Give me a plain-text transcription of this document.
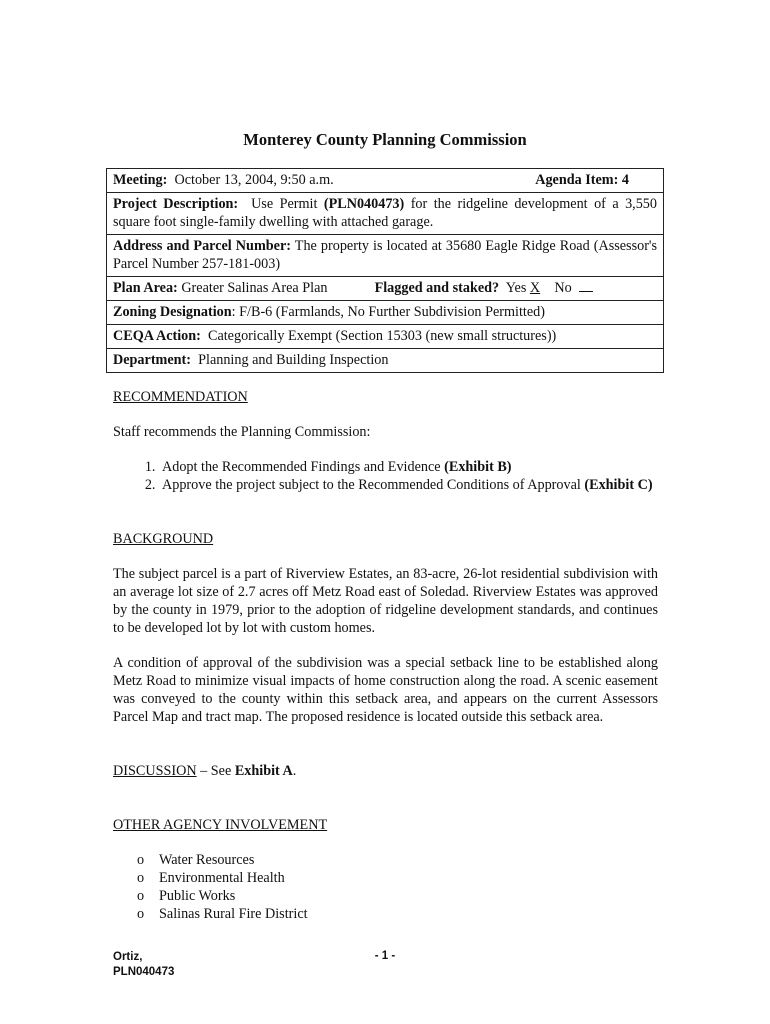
Monterey County Planning Commission
Meeting: October 13, 2004, 9:50 a.m.	Agenda Item: 4

Project Description: Use Permit (PLN040473) for the ridgeline development of a 3,550 square foot single-family dwelling with attached garage.
Address and Parcel Number: The property is located at 35680 Eagle Ridge Road (Assessor's Parcel Number 257-181-003)
Plan Area: Greater Salinas Area Plan	Flagged and staked? Yes X No
Zoning Designation: F/B-6 (Farmlands, No Further Subdivision Permitted)
CEQA Action: Categorically Exempt (Section 15303 (new small structures))
Department: Planning and Building Inspection
RECOMMENDATION
Staff recommends the Planning Commission:
1. Adopt the Recommended Findings and Evidence (Exhibit B)
2. Approve the project subject to the Recommended Conditions of Approval (Exhibit C)
BACKGROUND
The subject parcel is a part of Riverview Estates, an 83-acre, 26-lot residential subdivision with an average lot size of 2.7 acres off Metz Road east of Soledad. Riverview Estates was approved by the county in 1979, prior to the adoption of ridgeline development standards, and continues to be developed lot by lot with custom homes.
A condition of approval of the subdivision was a special setback line to be established along Metz Road to minimize visual impacts of home construction along the road. A scenic easement was conveyed to the county within this setback area, and appears on the current Assessors Parcel Map and tract map. The proposed residence is located outside this setback area.
DISCUSSION – See Exhibit A.
OTHER AGENCY INVOLVEMENT
o Water Resources
o Environmental Health
o Public Works
o Salinas Rural Fire District
Ortiz,
PLN040473
- 1 -
